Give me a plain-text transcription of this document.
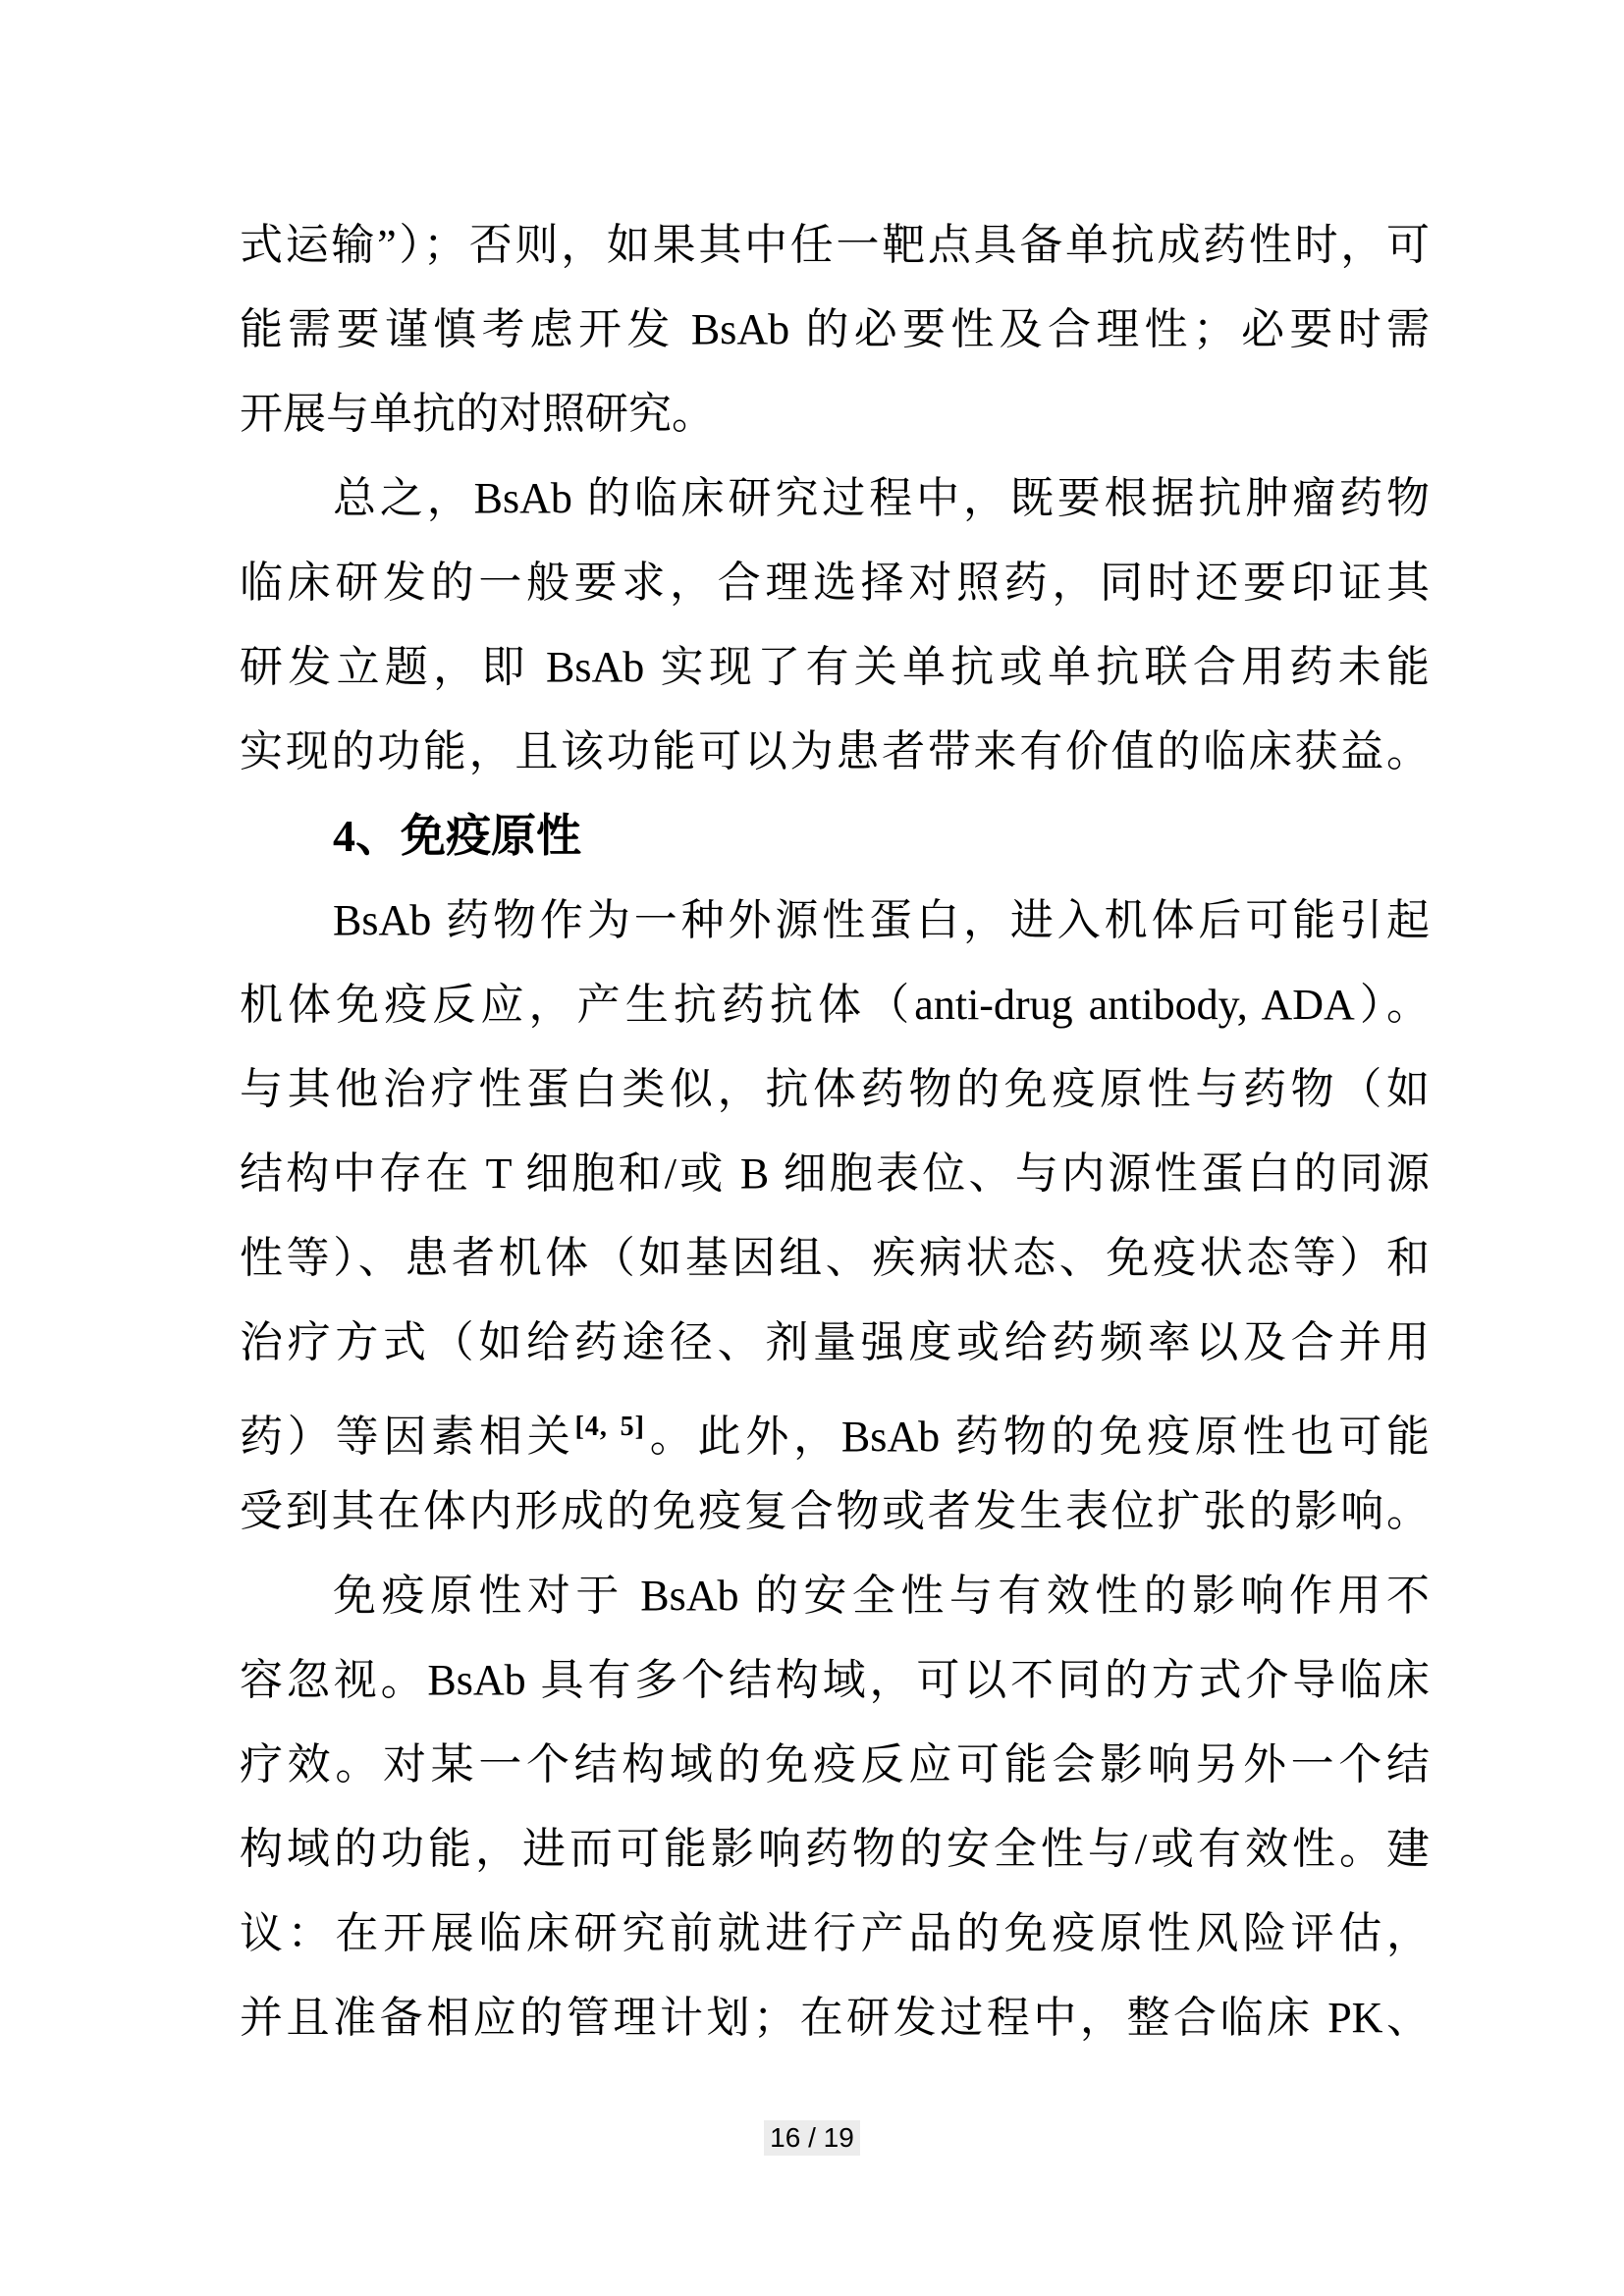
式运输”）；否则，如果其中任一靶点具备单抗成药性时，可
能需要谨慎考虑开发 BsAb 的必要性及合理性；必要时需
开展与单抗的对照研究。
总之，BsAb 的临床研究过程中，既要根据抗肿瘤药物
临床研发的一般要求，合理选择对照药，同时还要印证其
研发立题，即 BsAb 实现了有关单抗或单抗联合用药未能
实现的功能，且该功能可以为患者带来有价值的临床获益。
4、免疫原性
BsAb 药物作为一种外源性蛋白，进入机体后可能引起
机体免疫反应，产生抗药抗体（anti-drug antibody, ADA）。
与其他治疗性蛋白类似，抗体药物的免疫原性与药物（如
结构中存在 T 细胞和/或 B 细胞表位、与内源性蛋白的同源
性等）、患者机体（如基因组、疾病状态、免疫状态等）和
治疗方式（如给药途径、剂量强度或给药频率以及合并用
药）等因素相关[4, 5]。此外，BsAb 药物的免疫原性也可能
受到其在体内形成的免疫复合物或者发生表位扩张的影响。
免疫原性对于 BsAb 的安全性与有效性的影响作用不
容忽视。BsAb 具有多个结构域，可以不同的方式介导临床
疗效。对某一个结构域的免疫反应可能会影响另外一个结
构域的功能，进而可能影响药物的安全性与/或有效性。建
议：在开展临床研究前就进行产品的免疫原性风险评估，
并且准备相应的管理计划；在研发过程中，整合临床 PK、
16 / 19
